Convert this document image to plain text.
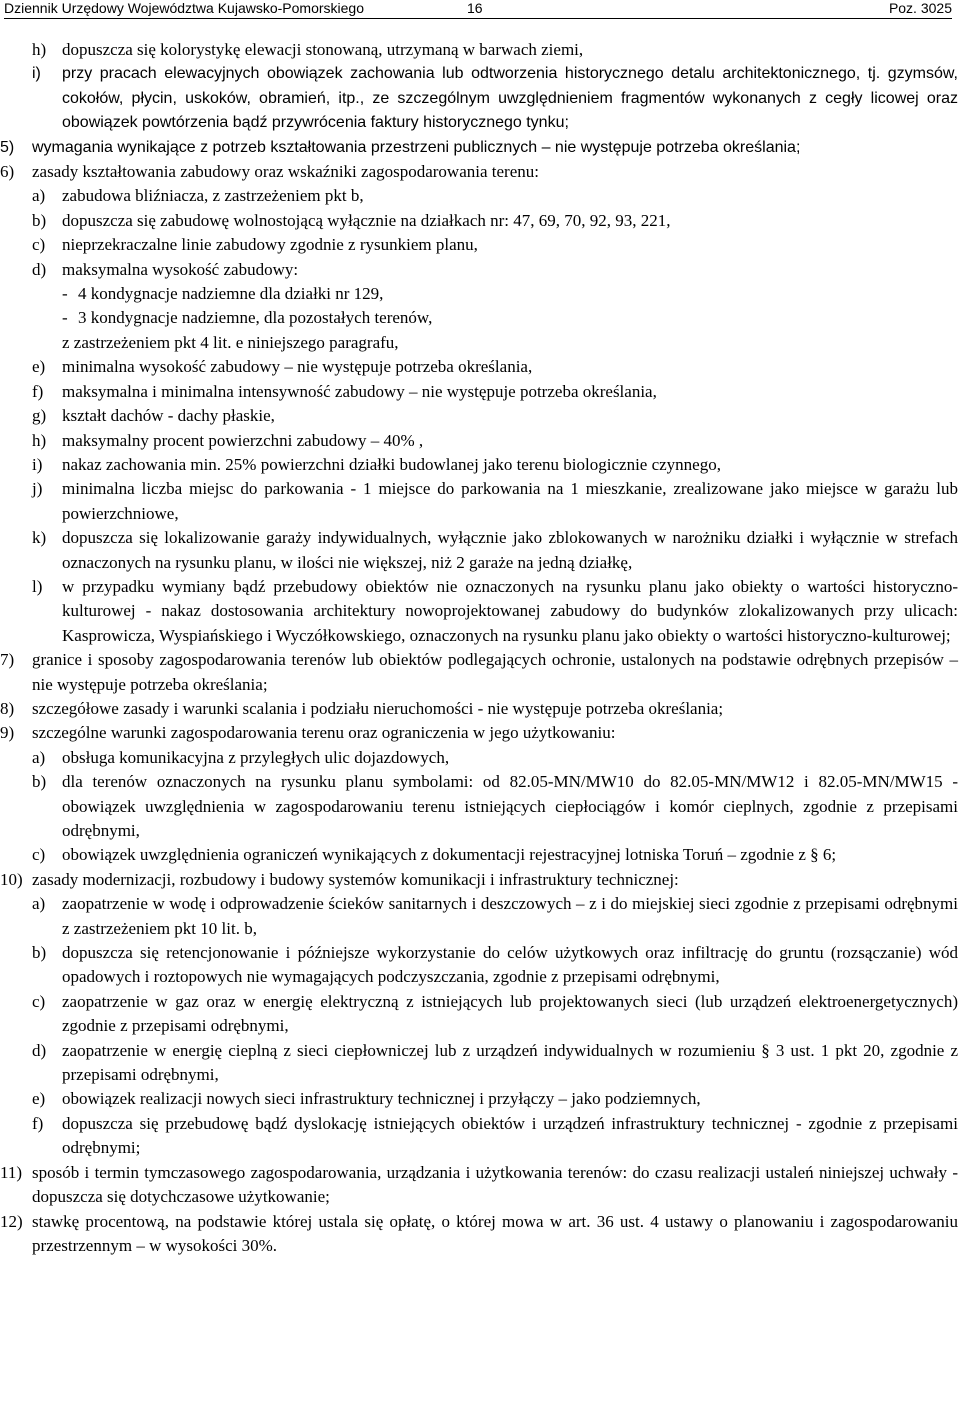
Dziennik Urzędowy Województwa Kujawsko-Pomorskiego	16	Poz. 3025
h) dopuszcza się kolorystykę elewacji stonowaną, utrzymaną w barwach ziemi,
i) przy pracach elewacyjnych obowiązek zachowania lub odtworzenia historycznego detalu architektonicznego, tj. gzymsów, cokołów, płycin, uskoków, obramień, itp., ze szczególnym uwzględnieniem fragmentów wykonanych z cegły licowej oraz obowiązek powtórzenia bądź przywrócenia faktury historycznego tynku;
5) wymagania wynikające z potrzeb kształtowania przestrzeni publicznych – nie występuje potrzeba określania;
6) zasady kształtowania zabudowy oraz wskaźniki zagospodarowania terenu:
a) zabudowa bliźniacza, z zastrzeżeniem pkt b,
b) dopuszcza się zabudowę wolnostojącą wyłącznie na działkach nr: 47, 69, 70, 92, 93, 221,
c) nieprzekraczalne linie zabudowy zgodnie z rysunkiem planu,
d) maksymalna wysokość zabudowy:
- 4 kondygnacje nadziemne dla działki nr 129,
- 3 kondygnacje nadziemne, dla pozostałych terenów,
z zastrzeżeniem pkt 4 lit. e niniejszego paragrafu,
e) minimalna wysokość zabudowy – nie występuje potrzeba określania,
f) maksymalna i minimalna intensywność zabudowy – nie występuje potrzeba określania,
g) kształt dachów - dachy płaskie,
h) maksymalny procent powierzchni zabudowy – 40% ,
i) nakaz zachowania min. 25% powierzchni działki budowlanej jako terenu biologicznie czynnego,
j) minimalna liczba miejsc do parkowania - 1 miejsce do parkowania na 1 mieszkanie, zrealizowane jako miejsce w garażu lub powierzchniowe,
k) dopuszcza się lokalizowanie garaży indywidualnych, wyłącznie jako zblokowanych w narożniku działki i wyłącznie w strefach oznaczonych na rysunku planu, w ilości nie większej, niż 2 garaże na jedną działkę,
l) w przypadku wymiany bądź przebudowy obiektów nie oznaczonych na rysunku planu jako obiekty o wartości historyczno-kulturowej - nakaz dostosowania architektury nowoprojektowanej zabudowy do budynków zlokalizowanych przy ulicach: Kasprowicza, Wyspiańskiego i Wyczółkowskiego, oznaczonych na rysunku planu jako obiekty o wartości historyczno-kulturowej;
7) granice i sposoby zagospodarowania terenów lub obiektów podlegających ochronie, ustalonych na podstawie odrębnych przepisów – nie występuje potrzeba określania;
8) szczegółowe zasady i warunki scalania i podziału nieruchomości - nie występuje potrzeba określania;
9) szczególne warunki zagospodarowania terenu oraz ograniczenia w jego użytkowaniu:
a) obsługa komunikacyjna z przyległych ulic dojazdowych,
b) dla terenów oznaczonych na rysunku planu symbolami: od 82.05-MN/MW10 do 82.05-MN/MW12 i 82.05-MN/MW15 - obowiązek uwzględnienia w zagospodarowaniu terenu istniejących ciepłociągów i komór cieplnych, zgodnie z przepisami odrębnymi,
c) obowiązek uwzględnienia ograniczeń wynikających z dokumentacji rejestracyjnej lotniska Toruń – zgodnie z § 6;
10) zasady modernizacji, rozbudowy i budowy systemów komunikacji i infrastruktury technicznej:
a) zaopatrzenie w wodę i odprowadzenie ścieków sanitarnych i deszczowych – z i do miejskiej sieci zgodnie z przepisami odrębnymi z zastrzeżeniem pkt 10 lit. b,
b) dopuszcza się retencjonowanie i późniejsze wykorzystanie do celów użytkowych oraz infiltrację do gruntu (rozsączanie) wód opadowych i roztopowych nie wymagających podczyszczania, zgodnie z przepisami odrębnymi,
c) zaopatrzenie w gaz oraz w energię elektryczną z istniejących lub projektowanych sieci (lub urządzeń elektroenergetycznych) zgodnie z przepisami odrębnymi,
d) zaopatrzenie w energię cieplną z sieci ciepłowniczej lub z urządzeń indywidualnych w rozumieniu § 3 ust. 1 pkt 20, zgodnie z przepisami odrębnymi,
e) obowiązek realizacji nowych sieci infrastruktury technicznej i przyłączy – jako podziemnych,
f) dopuszcza się przebudowę bądź dyslokację istniejących obiektów i urządzeń infrastruktury technicznej - zgodnie z przepisami odrębnymi;
11) sposób i termin tymczasowego zagospodarowania, urządzania i użytkowania terenów: do czasu realizacji ustaleń niniejszej uchwały - dopuszcza się dotychczasowe użytkowanie;
12) stawkę procentową, na podstawie której ustala się opłatę, o której mowa w art. 36 ust. 4 ustawy o planowaniu i zagospodarowaniu przestrzennym – w wysokości 30%.
